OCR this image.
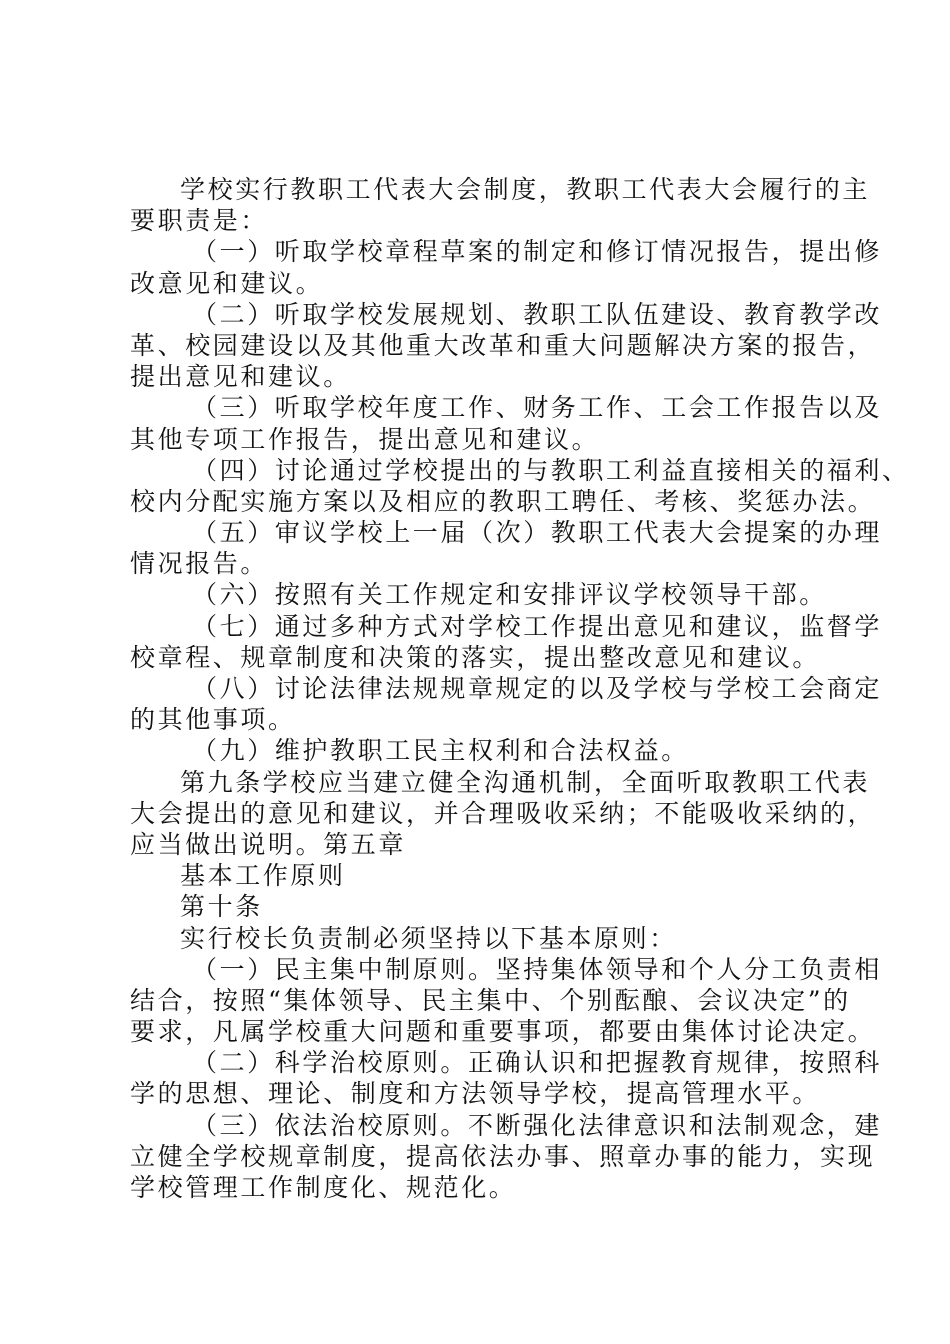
学校实行教职工代表大会制度，教职工代表大会履行的主
要职责是：
（一）听取学校章程草案的制定和修订情况报告，提出修
改意见和建议。
（二）听取学校发展规划、教职工队伍建设、教育教学改
革、校园建设以及其他重大改革和重大问题解决方案的报告，
提出意见和建议。
（三）听取学校年度工作、财务工作、工会工作报告以及
其他专项工作报告，提出意见和建议。
（四）讨论通过学校提出的与教职工利益直接相关的福利、
校内分配实施方案以及相应的教职工聘任、考核、奖惩办法。
（五）审议学校上一届（次）教职工代表大会提案的办理
情况报告。
（六）按照有关工作规定和安排评议学校领导干部。
（七）通过多种方式对学校工作提出意见和建议，监督学
校章程、规章制度和决策的落实，提出整改意见和建议。
（八）讨论法律法规规章规定的以及学校与学校工会商定
的其他事项。
（九）维护教职工民主权利和合法权益。
第九条学校应当建立健全沟通机制，全面听取教职工代表
大会提出的意见和建议，并合理吸收采纳；不能吸收采纳的，
应当做出说明。第五章
基本工作原则
第十条
实行校长负责制必须坚持以下基本原则：
（一）民主集中制原则。坚持集体领导和个人分工负责相
结合，按照“集体领导、民主集中、个别酝酿、会议决定”的
要求，凡属学校重大问题和重要事项，都要由集体讨论决定。
（二）科学治校原则。正确认识和把握教育规律，按照科
学的思想、理论、制度和方法领导学校，提高管理水平。
（三）依法治校原则。不断强化法律意识和法制观念，建
立健全学校规章制度，提高依法办事、照章办事的能力，实现
学校管理工作制度化、规范化。
